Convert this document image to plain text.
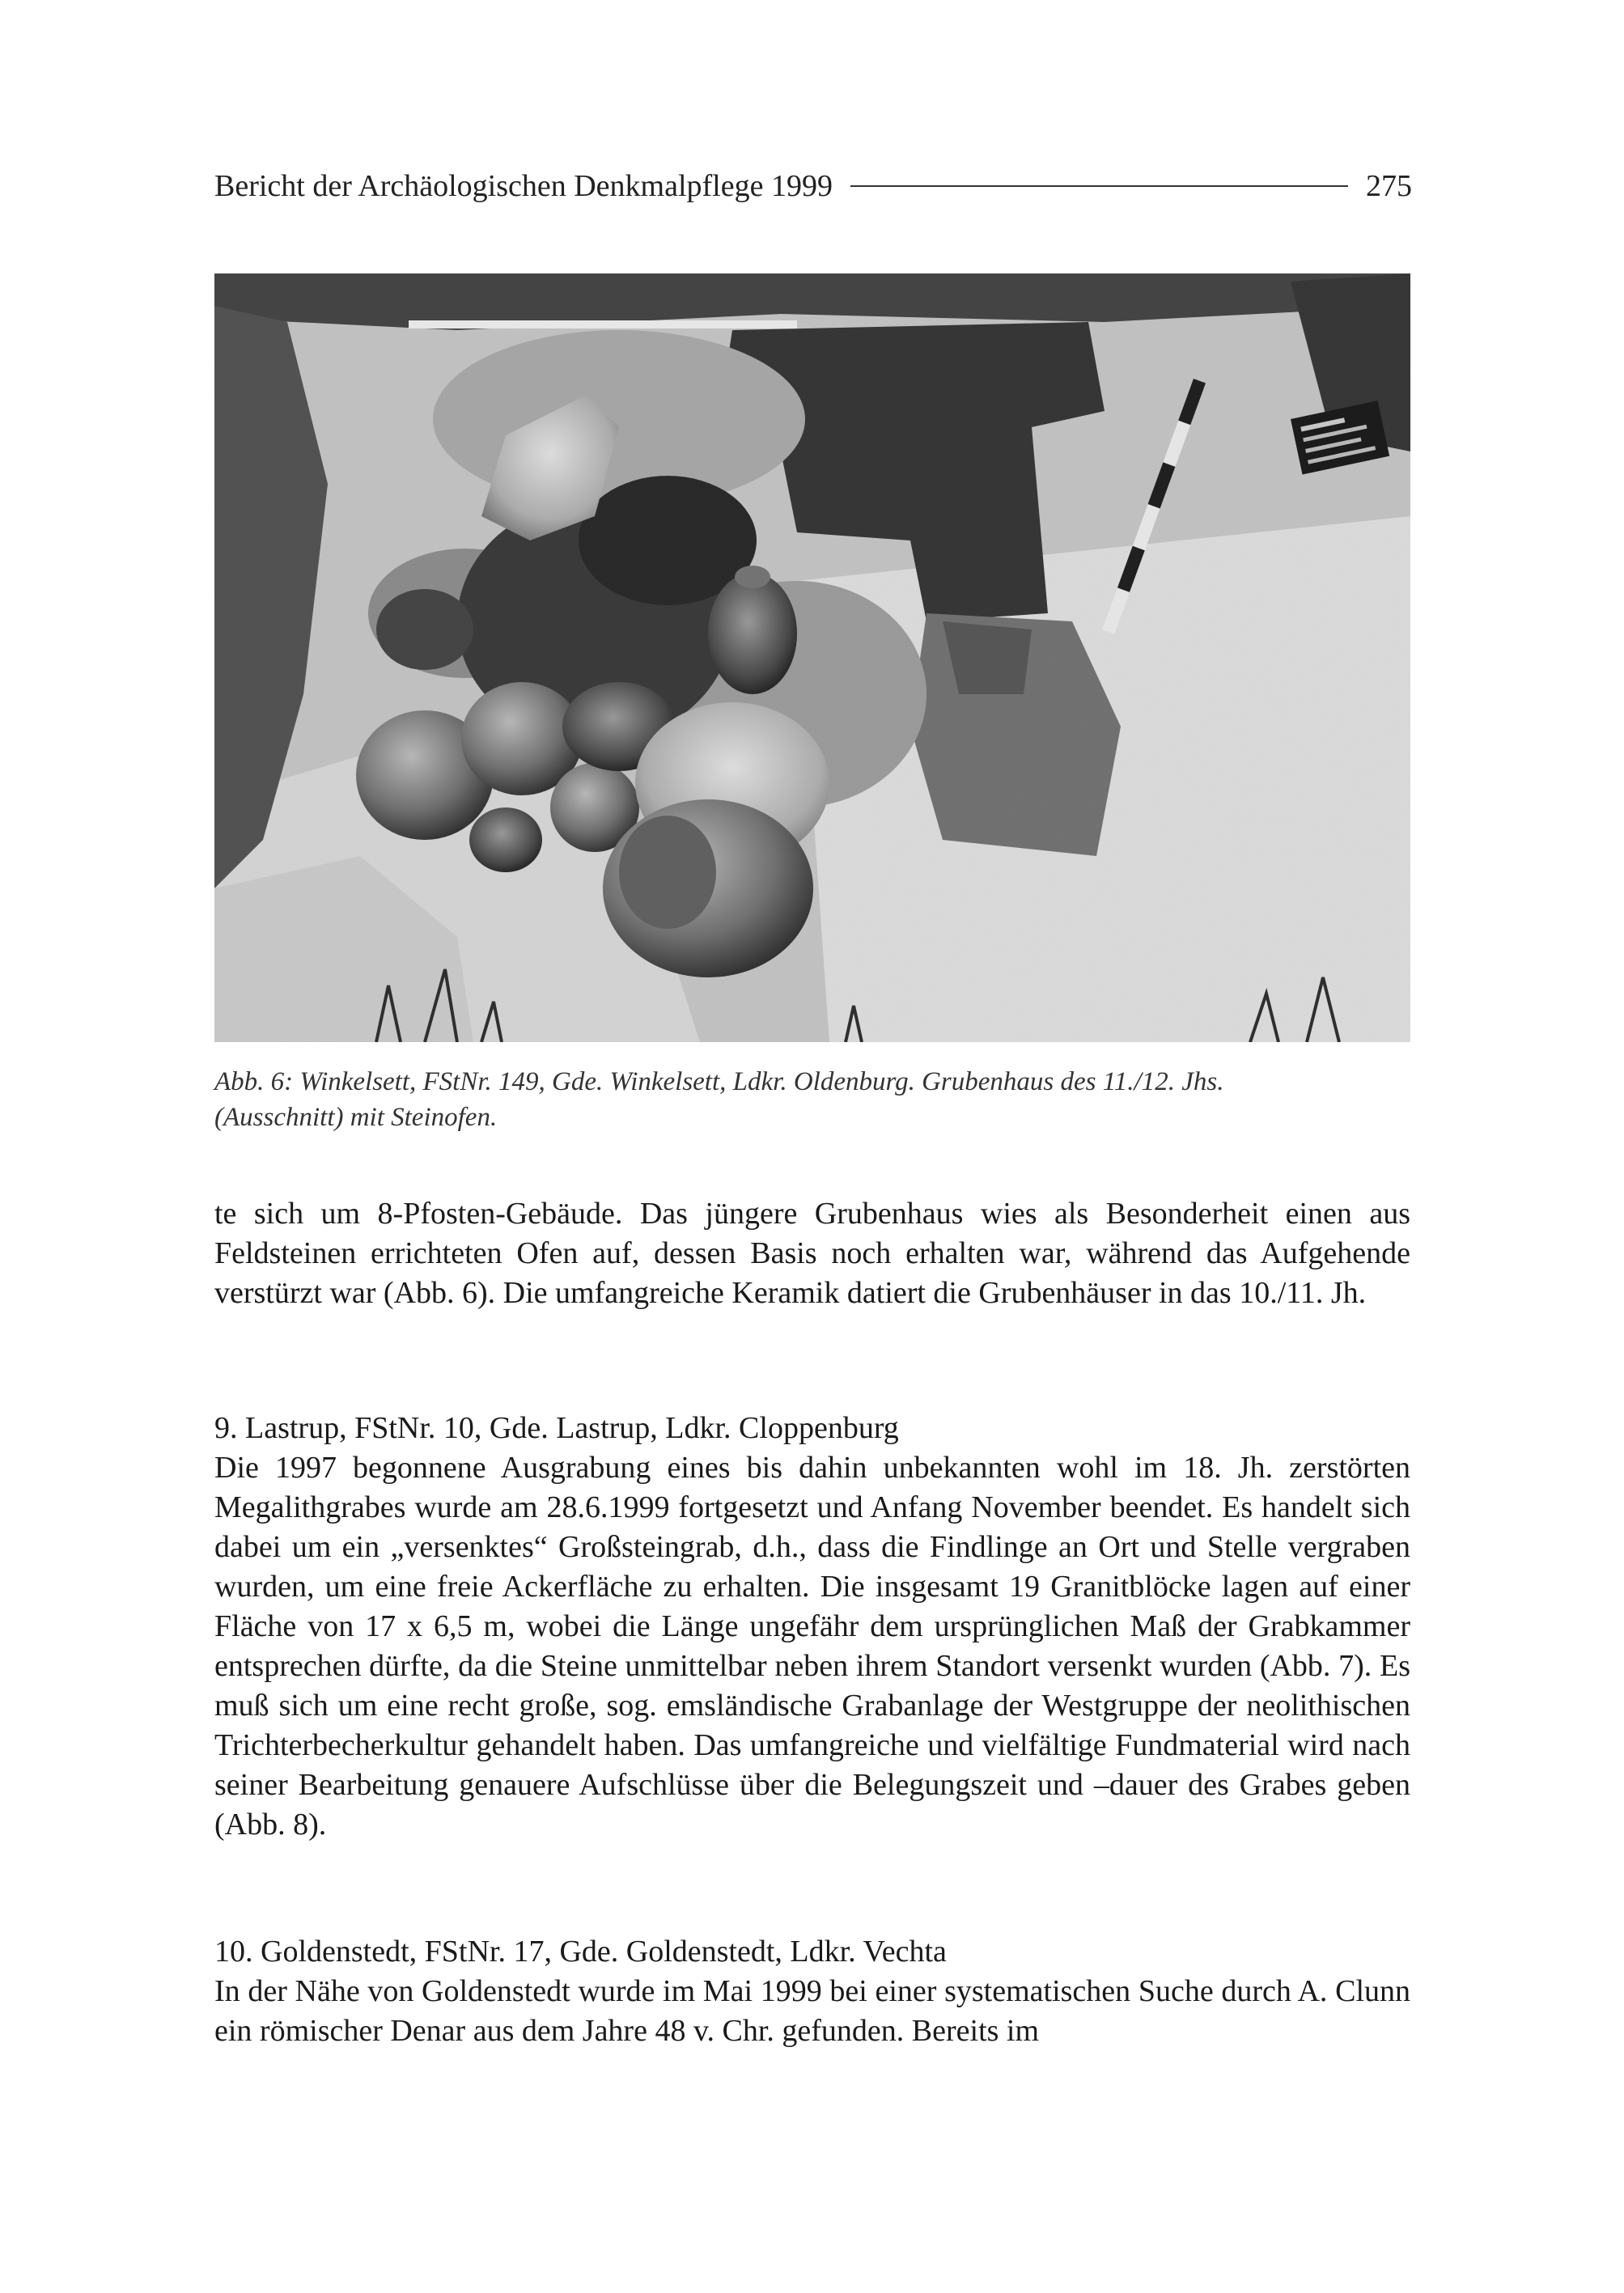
Bericht der Archäologischen Denkmalpflege 1999	275
Abb. 6: Winkelsett, FStNr. 149, Gde. Winkelsett, Ldkr. Oldenburg. Grubenhaus des 11./12. Jhs.
(Ausschnitt) mit Steinofen.
te sich um 8-Pfosten-Gebäude. Das jüngere Grubenhaus wies als Besonderheit einen aus Feldsteinen errichteten Ofen auf, dessen Basis noch erhalten war, während das Aufgehende verstürzt war (Abb. 6). Die umfangreiche Keramik datiert die Grubenhäuser in das 10./11. Jh.
9. Lastrup, FStNr. 10, Gde. Lastrup, Ldkr. Cloppenburg
Die 1997 begonnene Ausgrabung eines bis dahin unbekannten wohl im 18. Jh. zerstörten Megalithgrabes wurde am 28.6.1999 fortgesetzt und Anfang November beendet. Es handelt sich dabei um ein „versenktes“ Großsteingrab, d.h., dass die Findlinge an Ort und Stelle vergraben wurden, um eine freie Ackerfläche zu erhalten. Die insgesamt 19 Granitblöcke lagen auf einer Fläche von 17 x 6,5 m, wobei die Länge ungefähr dem ursprünglichen Maß der Grabkammer entsprechen dürfte, da die Steine unmittelbar neben ihrem Standort versenkt wurden (Abb. 7). Es muß sich um eine recht große, sog. emsländische Grabanlage der Westgruppe der neolithischen Trichterbecherkultur gehandelt haben. Das umfangreiche und vielfältige Fundmaterial wird nach seiner Bearbeitung genauere Aufschlüsse über die Belegungszeit und –dauer des Grabes geben (Abb. 8).
10. Goldenstedt, FStNr. 17, Gde. Goldenstedt, Ldkr. Vechta
In der Nähe von Goldenstedt wurde im Mai 1999 bei einer systematischen Suche durch A. Clunn ein römischer Denar aus dem Jahre 48 v. Chr. gefunden. Bereits im
